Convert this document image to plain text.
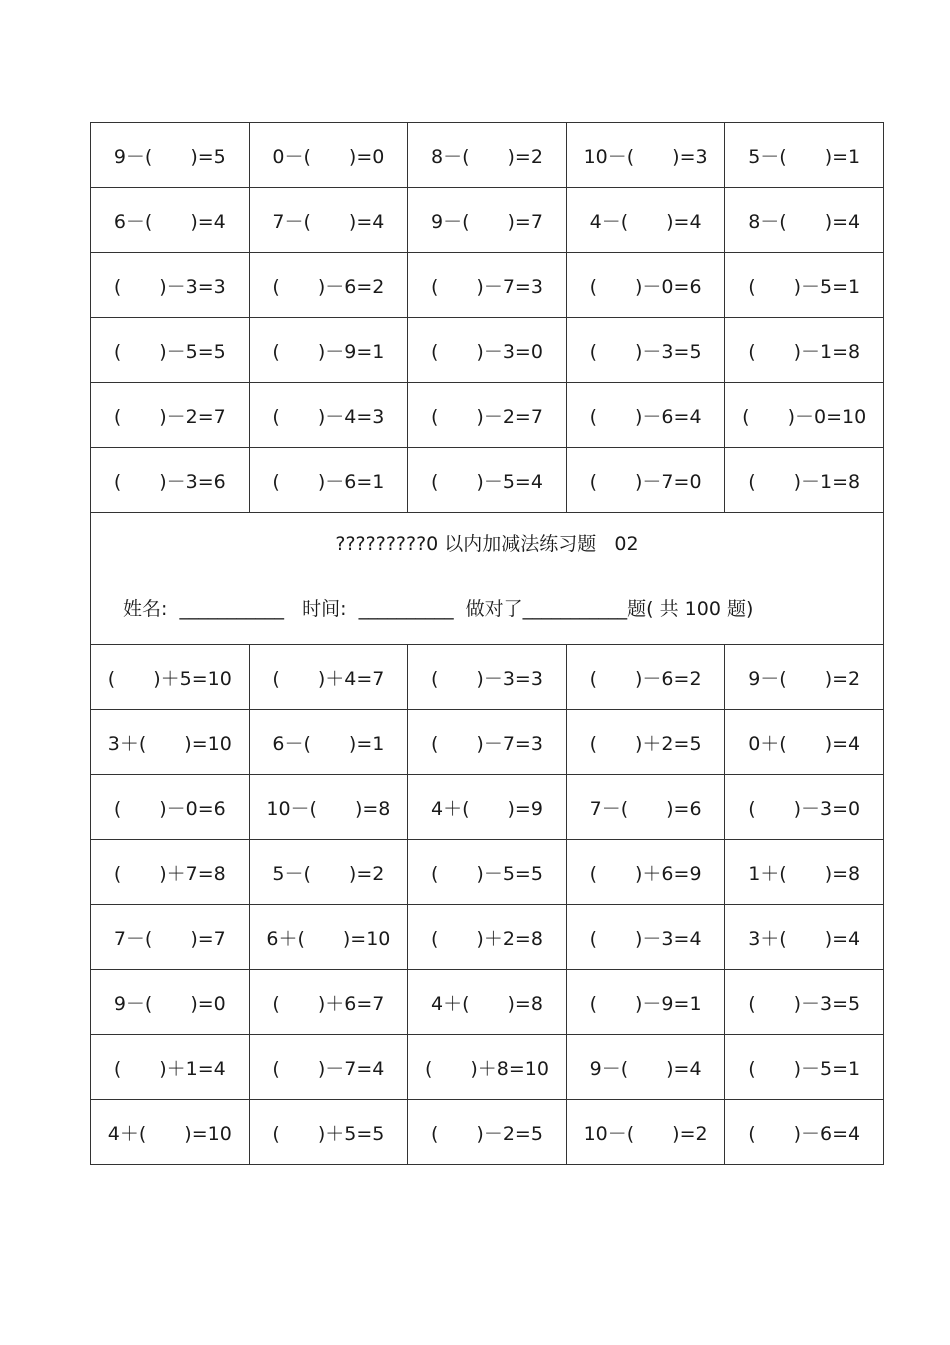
9－(　　)=5	0－(　　)=0	8－(　　)=2	10－(　　)=3	5－(　　)=1
6－(　　)=4	7－(　　)=4	9－(　　)=7	4－(　　)=4	8－(　　)=4
(　　)－3=3	(　　)－6=2	(　　)－7=3	(　　)－0=6	(　　)－5=1
(　　)－5=5	(　　)－9=1	(　　)－3=0	(　　)－3=5	(　　)－1=8
(　　)－2=7	(　　)－4=3	(　　)－2=7	(　　)－6=4	(　　)－0=10
(　　)－3=6	(　　)－6=1	(　　)－5=4	(　　)－7=0	(　　)－1=8

?????????0 以内加减法练习题   02
姓名:  ___________   时间:  __________  做对了___________题( 共 100 题)				

(　　)＋5=10	(　　)＋4=7	(　　)－3=3	(　　)－6=2	9－(　　)=2
3＋(　　)=10	6－(　　)=1	(　　)－7=3	(　　)＋2=5	0＋(　　)=4
(　　)－0=6	10－(　　)=8	4＋(　　)=9	7－(　　)=6	(　　)－3=0
(　　)＋7=8	5－(　　)=2	(　　)－5=5	(　　)＋6=9	1＋(　　)=8
7－(　　)=7	6＋(　　)=10	(　　)＋2=8	(　　)－3=4	3＋(　　)=4
9－(　　)=0	(　　)＋6=7	4＋(　　)=8	(　　)－9=1	(　　)－3=5
(　　)＋1=4	(　　)－7=4	(　　)＋8=10	9－(　　)=4	(　　)－5=1
4＋(　　)=10	(　　)＋5=5	(　　)－2=5	10－(　　)=2	(　　)－6=4
